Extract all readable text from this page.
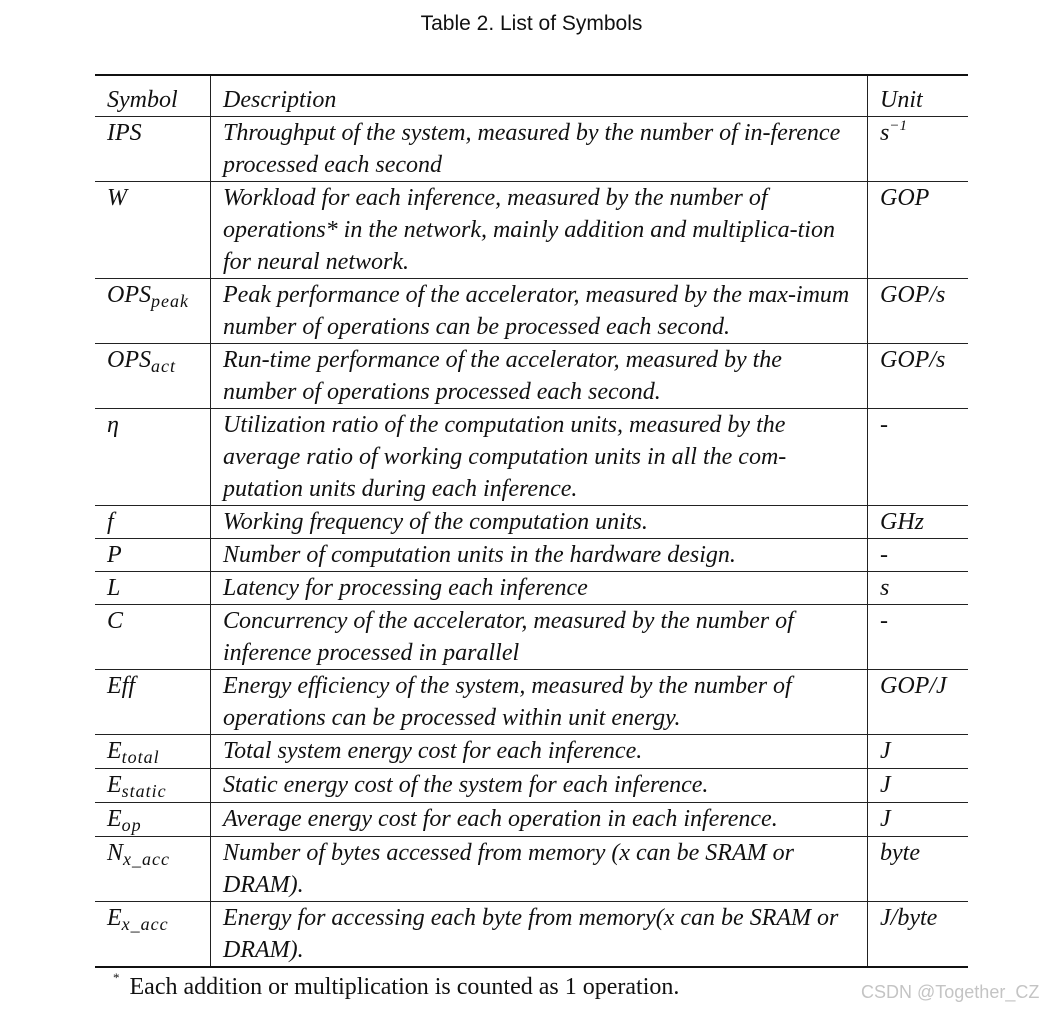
Table 2. List of Symbols
Symbol	Description	Unit
IPS	Throughput of the system, measured by the number of in-ference processed each second	$s^{-1}$
W	Workload for each inference, measured by the number of operations* in the network, mainly addition and multiplica-tion for neural network.	GOP
$OPS_{peak}$	Peak performance of the accelerator, measured by the max-imum number of operations can be processed each second.	GOP/s
$OPS_{act}$	Run-time performance of the accelerator, measured by the number of operations processed each second.	GOP/s
η	Utilization ratio of the computation units, measured by the average ratio of working computation units in all the com-putation units during each inference.	-
f	Working frequency of the computation units.	GHz
P	Number of computation units in the hardware design.	-
L	Latency for processing each inference	s
C	Concurrency of the accelerator, measured by the number of inference processed in parallel	-
Eff	Energy efficiency of the system, measured by the number of operations can be processed within unit energy.	GOP/J
$E_{total}$	Total system energy cost for each inference.	J
$E_{static}$	Static energy cost of the system for each inference.	J
$E_{op}$	Average energy cost for each operation in each inference.	J
$N_{x\_acc}$	Number of bytes accessed from memory (x can be SRAM or DRAM).	byte
$E_{x\_acc}$	Energy for accessing each byte from memory(x can be SRAM or DRAM).	J/byte
* Each addition or multiplication is counted as 1 operation.	CSDN @Together_CZ
